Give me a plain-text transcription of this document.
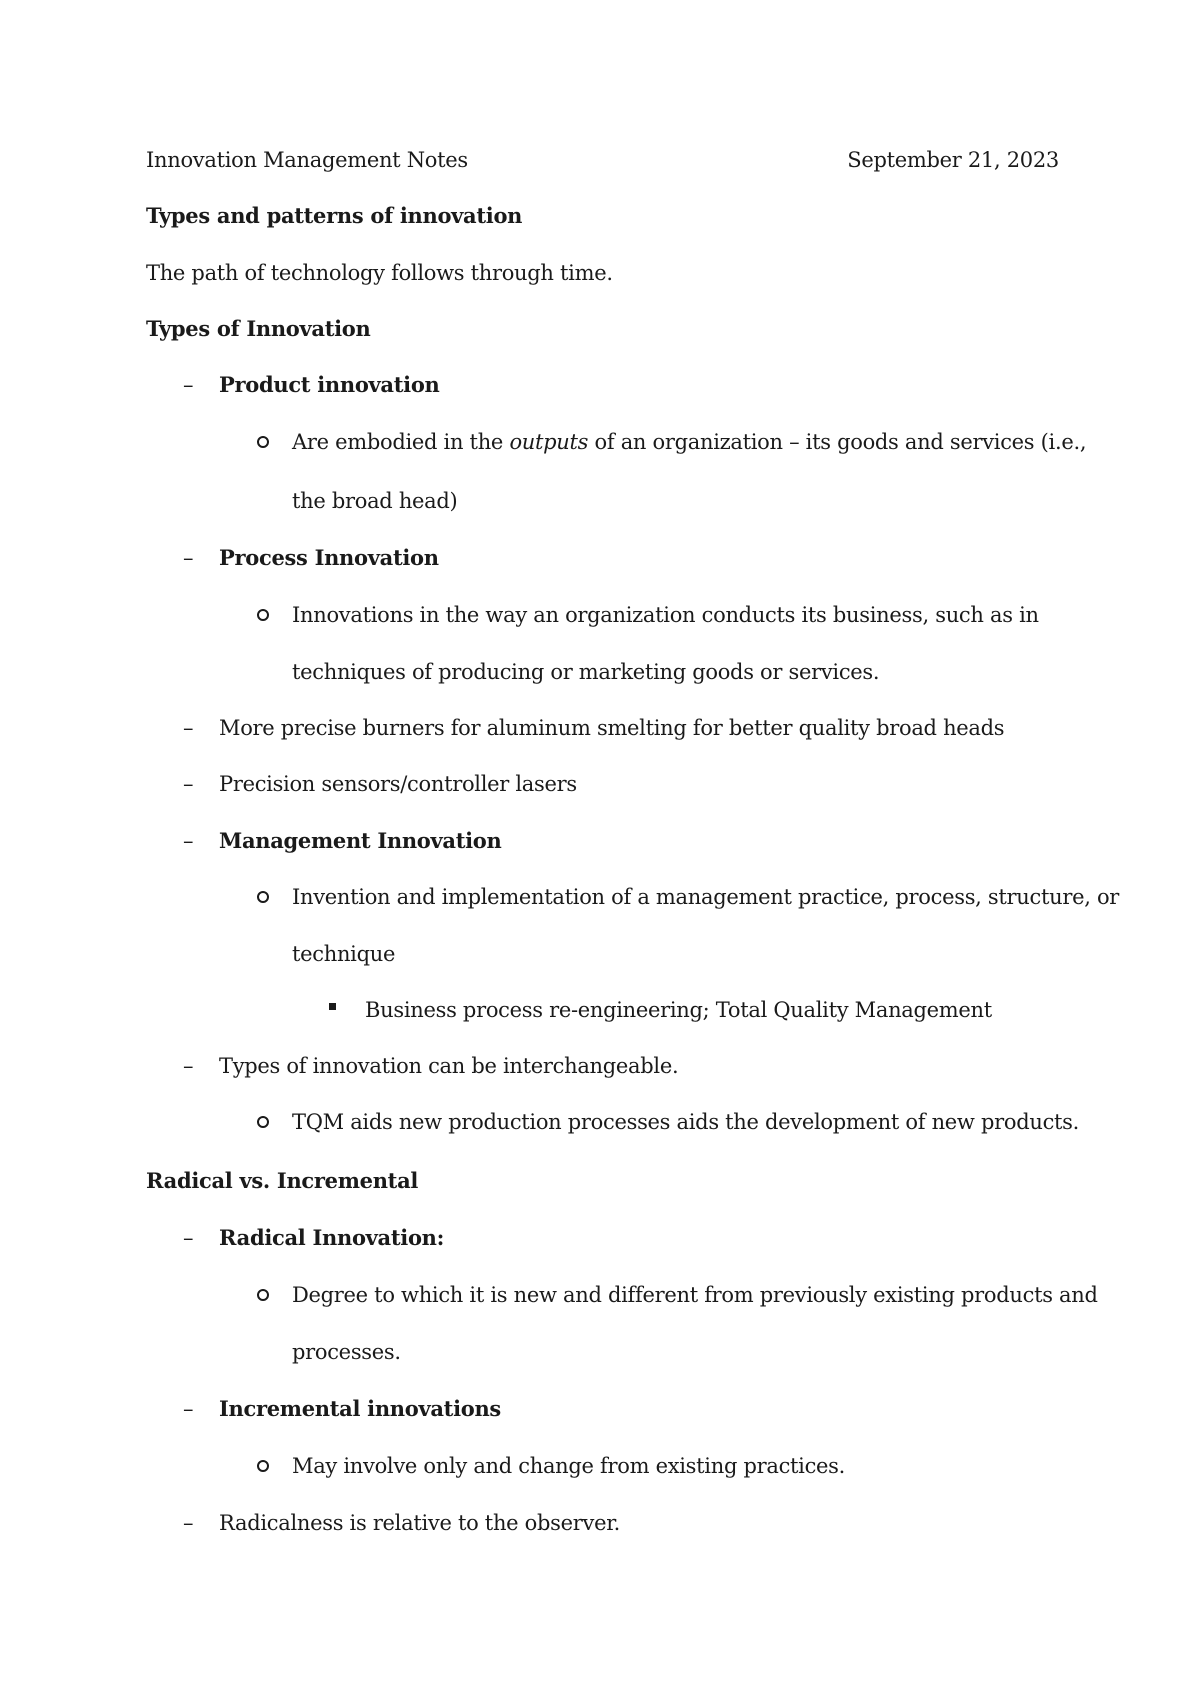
Innovation Management Notes	September 21, 2023
Types and patterns of innovation
The path of technology follows through time.
Types of Innovation
– Product innovation
Are embodied in the outputs of an organization – its goods and services (i.e.,
the broad head)
– Process Innovation
Innovations in the way an organization conducts its business, such as in
techniques of producing or marketing goods or services.
– More precise burners for aluminum smelting for better quality broad heads
– Precision sensors/controller lasers
– Management Innovation
Invention and implementation of a management practice, process, structure, or
technique
Business process re-engineering; Total Quality Management
– Types of innovation can be interchangeable.
TQM aids new production processes aids the development of new products.
Radical vs. Incremental
– Radical Innovation:
Degree to which it is new and different from previously existing products and
processes.
– Incremental innovations
May involve only and change from existing practices.
– Radicalness is relative to the observer.
